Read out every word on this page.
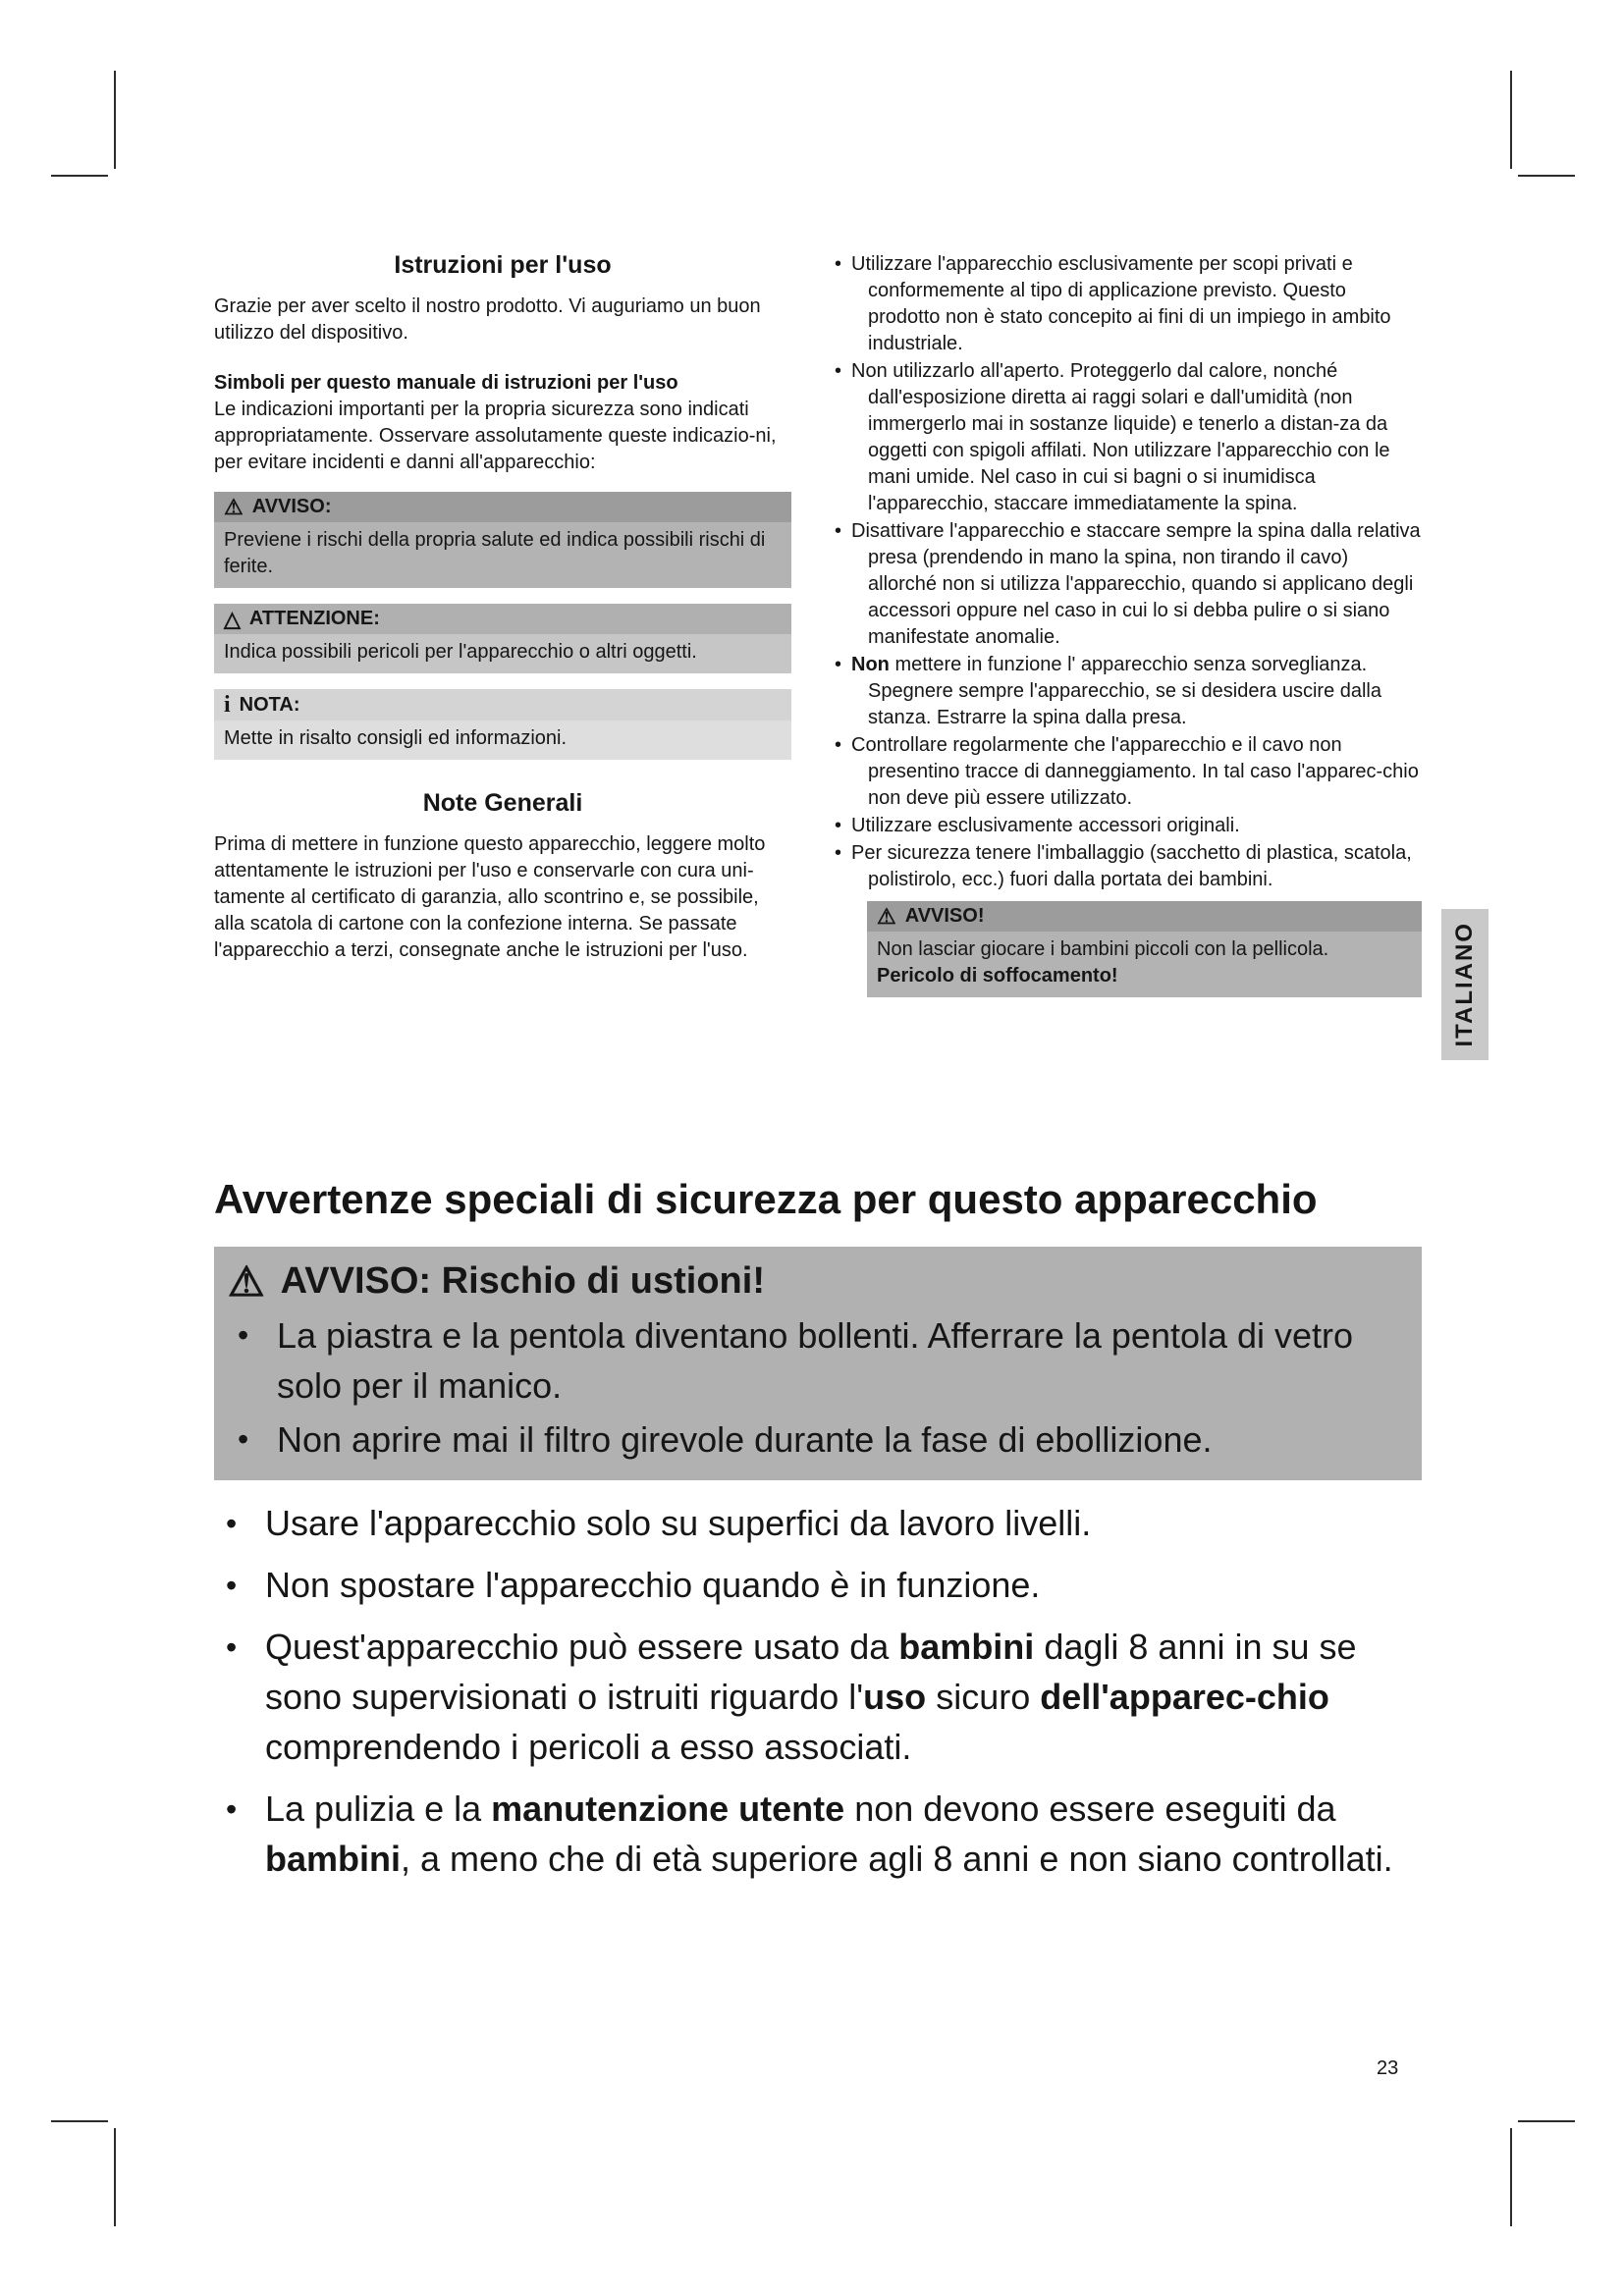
Istruzioni per l'uso
Grazie per aver scelto il nostro prodotto. Vi auguriamo un buon utilizzo del dispositivo.
Simboli per questo manuale di istruzioni per l'uso
Le indicazioni importanti per la propria sicurezza sono indicati appropriatamente. Osservare assolutamente queste indicazio-ni, per evitare incidenti e danni all'apparecchio:
⚠ AVVISO:
Previene i rischi della propria salute ed indica possibili rischi di ferite.
△ ATTENZIONE:
Indica possibili pericoli per l'apparecchio o altri oggetti.
i NOTA:
Mette in risalto consigli ed informazioni.
Note Generali
Prima di mettere in funzione questo apparecchio, leggere molto attentamente le istruzioni per l'uso e conservarle con cura uni-tamente al certificato di garanzia, allo scontrino e, se possibile, alla scatola di cartone con la confezione interna. Se passate l'apparecchio a terzi, consegnate anche le istruzioni per l'uso.
• Utilizzare l'apparecchio esclusivamente per scopi privati e conformemente al tipo di applicazione previsto. Questo prodotto non è stato concepito ai fini di un impiego in ambito industriale.
• Non utilizzarlo all'aperto. Proteggerlo dal calore, nonché dall'esposizione diretta ai raggi solari e dall'umidità (non immergerlo mai in sostanze liquide) e tenerlo a distan-za da oggetti con spigoli affilati. Non utilizzare l'apparecchio con le mani umide. Nel caso in cui si bagni o si inumidisca l'apparecchio, staccare immediatamente la spina.
• Disattivare l'apparecchio e staccare sempre la spina dalla relativa presa (prendendo in mano la spina, non tirando il cavo) allorché non si utilizza l'apparecchio, quando si applicano degli accessori oppure nel caso in cui lo si debba pulire o si siano manifestate anomalie.
• Non mettere in funzione l' apparecchio senza sorveglianza. Spegnere sempre l'apparecchio, se si desidera uscire dalla stanza. Estrarre la spina dalla presa.
• Controllare regolarmente che l'apparecchio e il cavo non presentino tracce di danneggiamento. In tal caso l'apparec-chio non deve più essere utilizzato.
• Utilizzare esclusivamente accessori originali.
• Per sicurezza tenere l'imballaggio (sacchetto di plastica, scatola, polistirolo, ecc.) fuori dalla portata dei bambini.
⚠ AVVISO!
Non lasciar giocare i bambini piccoli con la pellicola.
Pericolo di soffocamento!
Avvertenze speciali di sicurezza per questo apparecchio
⚠ AVVISO: Rischio di ustioni!
• La piastra e la pentola diventano bollenti. Afferrare la pentola di vetro solo per il manico.
• Non aprire mai il filtro girevole durante la fase di ebollizione.
• Usare l'apparecchio solo su superfici da lavoro livelli.
• Non spostare l'apparecchio quando è in funzione.
• Quest'apparecchio può essere usato da bambini dagli 8 anni in su se sono supervisionati o istruiti riguardo l'uso sicuro dell'apparec-chio comprendendo i pericoli a esso associati.
• La pulizia e la manutenzione utente non devono essere eseguiti da bambini, a meno che di età superiore agli 8 anni e non siano controllati.
ITALIANO
23
